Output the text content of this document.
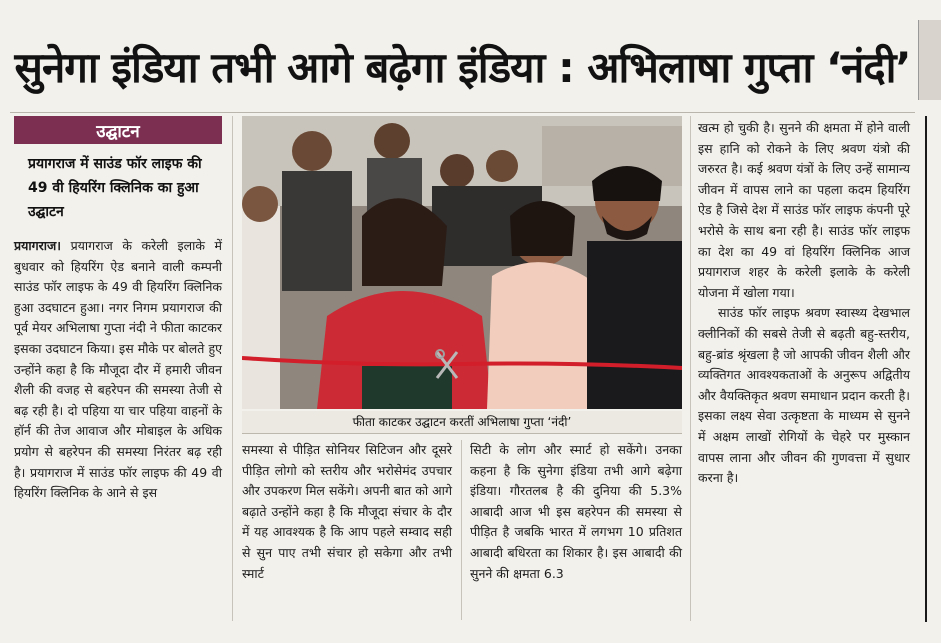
सुनेगा इंडिया तभी आगे बढ़ेगा इंडिया : अभिलाषा गुप्ता ‘नंदी’
उद्घाटन
प्रयागराज में साउंड फॉर लाइफ की 49 वी हियरिंग क्लिनिक का हुआ उद्घाटन
प्रयागराज। प्रयागराज के करेली इलाके में बुधवार को हियरिंग ऐड बनाने वाली कम्पनी साउंड फॉर लाइफ के 49 वी हियरिंग क्लिनिक हुआ उदघाटन हुआ। नगर निगम प्रयागराज की पूर्व मेयर अभिलाषा गुप्ता नंदी ने फीता काटकर इसका उदघाटन किया। इस मौके पर बोलते हुए उन्होंने कहा है कि मौजूदा दौर में हमारी जीवन शैली की वजह से बहरेपन की समस्या तेजी से बढ़ रही है। दो पहिया या चार पहिया वाहनों के हॉर्न की तेज आवाज और मोबाइल के अधिक प्रयोग से बहरेपन की समस्या निरंतर बढ़ रही है। प्रयागराज में साउंड फॉर लाइफ की 49 वी हियरिंग क्लिनिक के आने से इस
फीता काटकर उद्घाटन करतीं अभिलाषा गुप्ता ‘नंदी’
समस्या से पीड़ित सोनियर सिटिजन और दूसरे पीड़ित लोगो को स्तरीय और भरोसेमंद उपचार और उपकरण मिल सकेंगे। अपनी बात को आगे बढ़ाते उन्होंने कहा है कि मौजूदा संचार के दौर में यह आवश्यक है कि आप पहले सम्वाद सही से सुन पाए तभी संचार हो सकेगा और तभी स्मार्ट
सिटी के लोग और स्मार्ट हो सकेंगे। उनका कहना है कि सुनेगा इंडिया तभी आगे बढ़ेगा इंडिया। गौरतलब है की दुनिया की 5.3% आबादी आज भी इस बहरेपन की समस्या से पीड़ित है जबकि भारत में लगभग 10 प्रतिशत आबादी बधिरता का शिकार है। इस आबादी की सुनने की क्षमता 6.3
खत्म हो चुकी है। सुनने की क्षमता में होने वाली इस हानि को रोकने के लिए श्रवण यंत्रो की जरुरत है। कई श्रवण यंत्रों के लिए उन्हें सामान्य जीवन में वापस लाने का पहला कदम हियरिंग ऐड है जिसे देश में साउंड फॉर लाइफ कंपनी पूरे भरोसे के साथ बना रही है। साउंड फॉर लाइफ का देश का 49 वां हियरिंग क्लिनिक आज प्रयागराज शहर के करेली इलाके के करेली योजना में खोला गया।
साउंड फॉर लाइफ श्रवण स्वास्थ्य देखभाल क्लीनिकों की सबसे तेजी से बढ़ती बहु-स्तरीय, बहु-ब्रांड श्रृंखला है जो आपकी जीवन शैली और व्यक्तिगत आवश्यकताओं के अनुरूप अद्वितीय और वैयक्तिकृत श्रवण समाधान प्रदान करती है। इसका लक्ष्य सेवा उत्कृष्टता के माध्यम से सुनने में अक्षम लाखों रोगियों के चेहरे पर मुस्कान वापस लाना और जीवन की गुणवत्ता में सुधार करना है।
